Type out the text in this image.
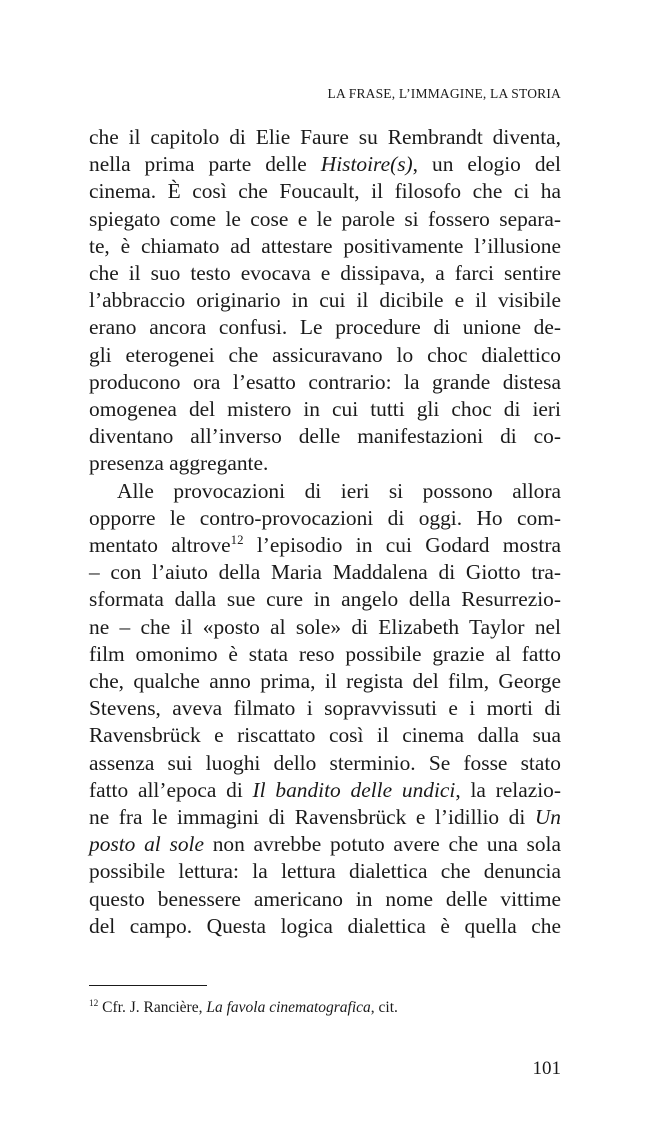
LA FRASE, L’IMMAGINE, LA STORIA

che il capitolo di Elie Faure su Rembrandt diventa,
nella prima parte delle Histoire(s), un elogio del
cinema. È così che Foucault, il filosofo che ci ha
spiegato come le cose e le parole si fossero separa-
te, è chiamato ad attestare positivamente l’illusione
che il suo testo evocava e dissipava, a farci sentire
l’abbraccio originario in cui il dicibile e il visibile
erano ancora confusi. Le procedure di unione de-
gli eterogenei che assicuravano lo choc dialettico
producono ora l’esatto contrario: la grande distesa
omogenea del mistero in cui tutti gli choc di ieri
diventano all’inverso delle manifestazioni di co-
presenza aggregante.

Alle provocazioni di ieri si possono allora
opporre le contro-provocazioni di oggi. Ho com-
mentato altrove$^{12}$ l’episodio in cui Godard mostra
– con l’aiuto della Maria Maddalena di Giotto tra-
sformata dalla sue cure in angelo della Resurrezio-
ne – che il «posto al sole» di Elizabeth Taylor nel
film omonimo è stata reso possibile grazie al fatto
che, qualche anno prima, il regista del film, George
Stevens, aveva filmato i sopravvissuti e i morti di
Ravensbrück e riscattato così il cinema dalla sua
assenza sui luoghi dello sterminio. Se fosse stato
fatto all’epoca di Il bandito delle undici, la relazio-
ne fra le immagini di Ravensbrück e l’idillio di Un
posto al sole non avrebbe potuto avere che una sola
possibile lettura: la lettura dialettica che denuncia
questo benessere americano in nome delle vittime
del campo. Questa logica dialettica è quella che

$^{12}$ Cfr. J. Rancière, La favola cinematografica, cit.
101
